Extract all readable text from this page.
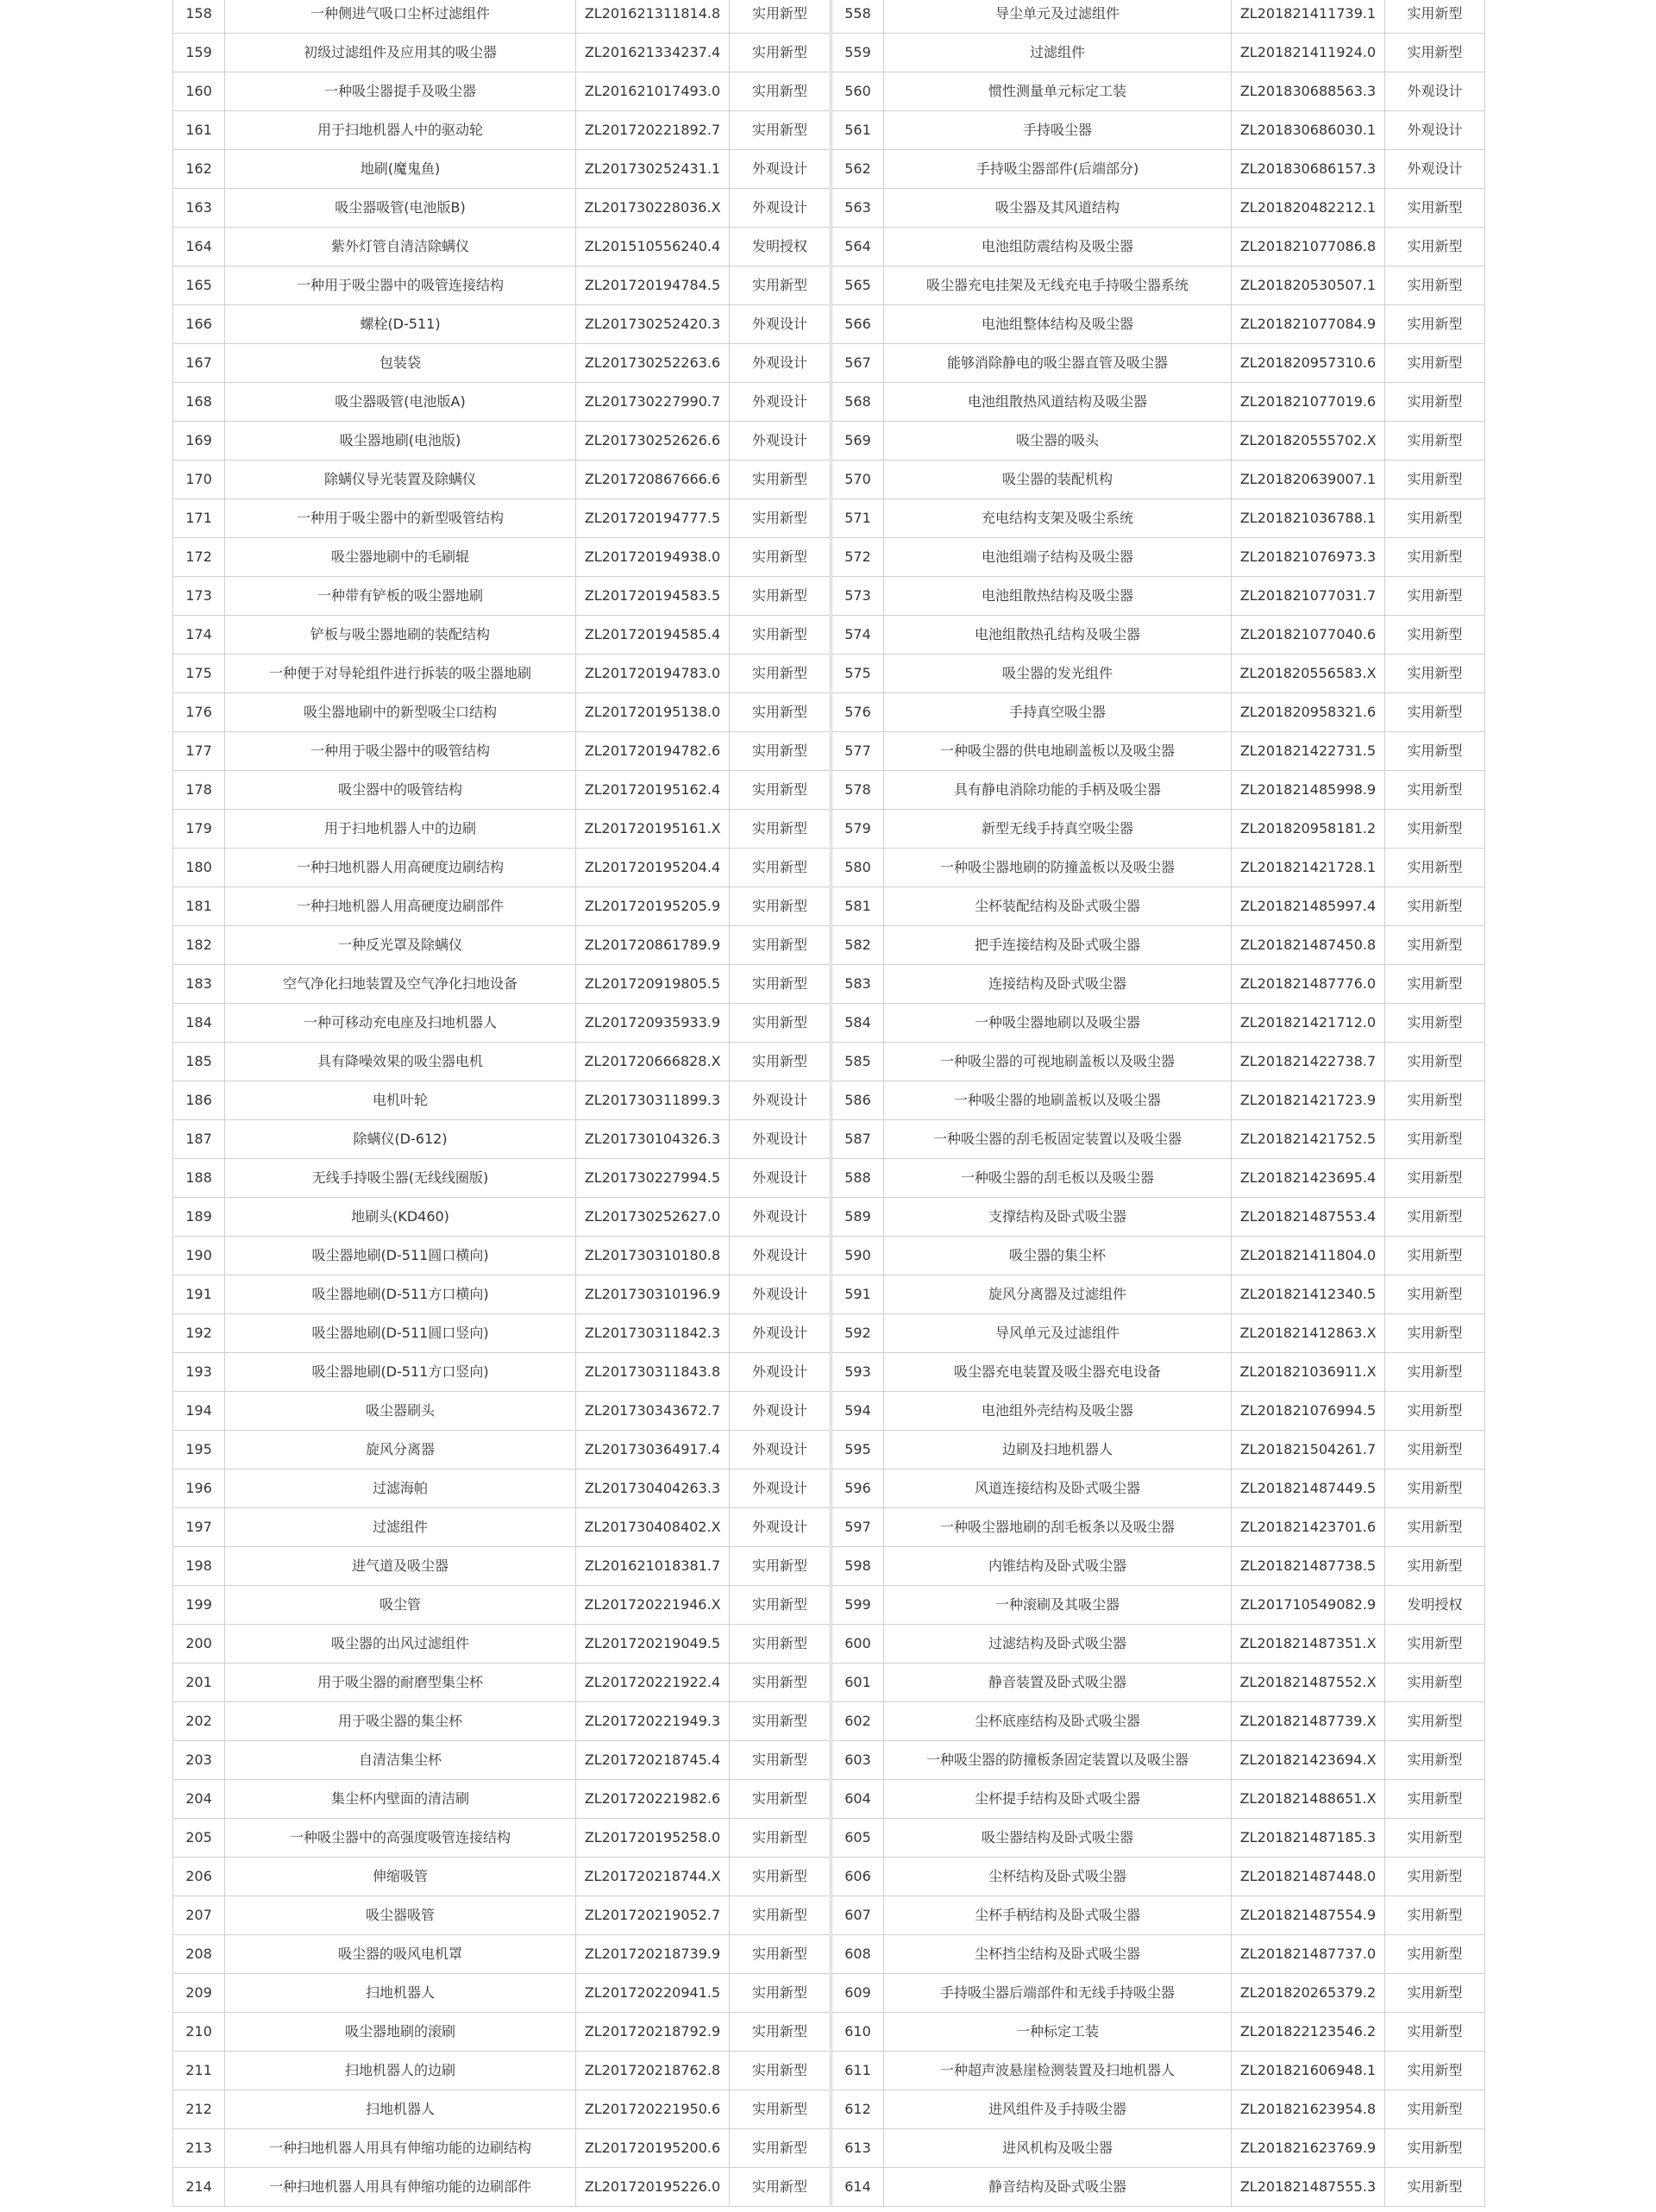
158	一种侧进气吸口尘杯过滤组件	ZL201621311814.8	实用新型
159	初级过滤组件及应用其的吸尘器	ZL201621334237.4	实用新型
160	一种吸尘器提手及吸尘器	ZL201621017493.0	实用新型
161	用于扫地机器人中的驱动轮	ZL201720221892.7	实用新型
162	地刷(魔鬼鱼)	ZL201730252431.1	外观设计
163	吸尘器吸管(电池版B)	ZL201730228036.X	外观设计
164	紫外灯管自清洁除螨仪	ZL201510556240.4	发明授权
165	一种用于吸尘器中的吸管连接结构	ZL201720194784.5	实用新型
166	螺栓(D-511)	ZL201730252420.3	外观设计
167	包装袋	ZL201730252263.6	外观设计
168	吸尘器吸管(电池版A)	ZL201730227990.7	外观设计
169	吸尘器地刷(电池版)	ZL201730252626.6	外观设计
170	除螨仪导光装置及除螨仪	ZL201720867666.6	实用新型
171	一种用于吸尘器中的新型吸管结构	ZL201720194777.5	实用新型
172	吸尘器地刷中的毛刷辊	ZL201720194938.0	实用新型
173	一种带有铲板的吸尘器地刷	ZL201720194583.5	实用新型
174	铲板与吸尘器地刷的装配结构	ZL201720194585.4	实用新型
175	一种便于对导轮组件进行拆装的吸尘器地刷	ZL201720194783.0	实用新型
176	吸尘器地刷中的新型吸尘口结构	ZL201720195138.0	实用新型
177	一种用于吸尘器中的吸管结构	ZL201720194782.6	实用新型
178	吸尘器中的吸管结构	ZL201720195162.4	实用新型
179	用于扫地机器人中的边刷	ZL201720195161.X	实用新型
180	一种扫地机器人用高硬度边刷结构	ZL201720195204.4	实用新型
181	一种扫地机器人用高硬度边刷部件	ZL201720195205.9	实用新型
182	一种反光罩及除螨仪	ZL201720861789.9	实用新型
183	空气净化扫地装置及空气净化扫地设备	ZL201720919805.5	实用新型
184	一种可移动充电座及扫地机器人	ZL201720935933.9	实用新型
185	具有降噪效果的吸尘器电机	ZL201720666828.X	实用新型
186	电机叶轮	ZL201730311899.3	外观设计
187	除螨仪(D-612)	ZL201730104326.3	外观设计
188	无线手持吸尘器(无线线圈版)	ZL201730227994.5	外观设计
189	地刷头(KD460)	ZL201730252627.0	外观设计
190	吸尘器地刷(D-511圆口横向)	ZL201730310180.8	外观设计
191	吸尘器地刷(D-511方口横向)	ZL201730310196.9	外观设计
192	吸尘器地刷(D-511圆口竖向)	ZL201730311842.3	外观设计
193	吸尘器地刷(D-511方口竖向)	ZL201730311843.8	外观设计
194	吸尘器刷头	ZL201730343672.7	外观设计
195	旋风分离器	ZL201730364917.4	外观设计
196	过滤海帕	ZL201730404263.3	外观设计
197	过滤组件	ZL201730408402.X	外观设计
198	进气道及吸尘器	ZL201621018381.7	实用新型
199	吸尘管	ZL201720221946.X	实用新型
200	吸尘器的出风过滤组件	ZL201720219049.5	实用新型
201	用于吸尘器的耐磨型集尘杯	ZL201720221922.4	实用新型
202	用于吸尘器的集尘杯	ZL201720221949.3	实用新型
203	自清洁集尘杯	ZL201720218745.4	实用新型
204	集尘杯内壁面的清洁刷	ZL201720221982.6	实用新型
205	一种吸尘器中的高强度吸管连接结构	ZL201720195258.0	实用新型
206	伸缩吸管	ZL201720218744.X	实用新型
207	吸尘器吸管	ZL201720219052.7	实用新型
208	吸尘器的吸风电机罩	ZL201720218739.9	实用新型
209	扫地机器人	ZL201720220941.5	实用新型
210	吸尘器地刷的滚刷	ZL201720218792.9	实用新型
211	扫地机器人的边刷	ZL201720218762.8	实用新型
212	扫地机器人	ZL201720221950.6	实用新型
213	一种扫地机器人用具有伸缩功能的边刷结构	ZL201720195200.6	实用新型
214	一种扫地机器人用具有伸缩功能的边刷部件	ZL201720195226.0	实用新型
558	导尘单元及过滤组件	ZL201821411739.1	实用新型
559	过滤组件	ZL201821411924.0	实用新型
560	惯性测量单元标定工装	ZL201830688563.3	外观设计
561	手持吸尘器	ZL201830686030.1	外观设计
562	手持吸尘器部件(后端部分)	ZL201830686157.3	外观设计
563	吸尘器及其风道结构	ZL201820482212.1	实用新型
564	电池组防震结构及吸尘器	ZL201821077086.8	实用新型
565	吸尘器充电挂架及无线充电手持吸尘器系统	ZL201820530507.1	实用新型
566	电池组整体结构及吸尘器	ZL201821077084.9	实用新型
567	能够消除静电的吸尘器直管及吸尘器	ZL201820957310.6	实用新型
568	电池组散热风道结构及吸尘器	ZL201821077019.6	实用新型
569	吸尘器的吸头	ZL201820555702.X	实用新型
570	吸尘器的装配机构	ZL201820639007.1	实用新型
571	充电结构支架及吸尘系统	ZL201821036788.1	实用新型
572	电池组端子结构及吸尘器	ZL201821076973.3	实用新型
573	电池组散热结构及吸尘器	ZL201821077031.7	实用新型
574	电池组散热孔结构及吸尘器	ZL201821077040.6	实用新型
575	吸尘器的发光组件	ZL201820556583.X	实用新型
576	手持真空吸尘器	ZL201820958321.6	实用新型
577	一种吸尘器的供电地刷盖板以及吸尘器	ZL201821422731.5	实用新型
578	具有静电消除功能的手柄及吸尘器	ZL201821485998.9	实用新型
579	新型无线手持真空吸尘器	ZL201820958181.2	实用新型
580	一种吸尘器地刷的防撞盖板以及吸尘器	ZL201821421728.1	实用新型
581	尘杯装配结构及卧式吸尘器	ZL201821485997.4	实用新型
582	把手连接结构及卧式吸尘器	ZL201821487450.8	实用新型
583	连接结构及卧式吸尘器	ZL201821487776.0	实用新型
584	一种吸尘器地刷以及吸尘器	ZL201821421712.0	实用新型
585	一种吸尘器的可视地刷盖板以及吸尘器	ZL201821422738.7	实用新型
586	一种吸尘器的地刷盖板以及吸尘器	ZL201821421723.9	实用新型
587	一种吸尘器的刮毛板固定装置以及吸尘器	ZL201821421752.5	实用新型
588	一种吸尘器的刮毛板以及吸尘器	ZL201821423695.4	实用新型
589	支撑结构及卧式吸尘器	ZL201821487553.4	实用新型
590	吸尘器的集尘杯	ZL201821411804.0	实用新型
591	旋风分离器及过滤组件	ZL201821412340.5	实用新型
592	导风单元及过滤组件	ZL201821412863.X	实用新型
593	吸尘器充电装置及吸尘器充电设备	ZL201821036911.X	实用新型
594	电池组外壳结构及吸尘器	ZL201821076994.5	实用新型
595	边刷及扫地机器人	ZL201821504261.7	实用新型
596	风道连接结构及卧式吸尘器	ZL201821487449.5	实用新型
597	一种吸尘器地刷的刮毛板条以及吸尘器	ZL201821423701.6	实用新型
598	内锥结构及卧式吸尘器	ZL201821487738.5	实用新型
599	一种滚刷及其吸尘器	ZL201710549082.9	发明授权
600	过滤结构及卧式吸尘器	ZL201821487351.X	实用新型
601	静音装置及卧式吸尘器	ZL201821487552.X	实用新型
602	尘杯底座结构及卧式吸尘器	ZL201821487739.X	实用新型
603	一种吸尘器的防撞板条固定装置以及吸尘器	ZL201821423694.X	实用新型
604	尘杯提手结构及卧式吸尘器	ZL201821488651.X	实用新型
605	吸尘器结构及卧式吸尘器	ZL201821487185.3	实用新型
606	尘杯结构及卧式吸尘器	ZL201821487448.0	实用新型
607	尘杯手柄结构及卧式吸尘器	ZL201821487554.9	实用新型
608	尘杯挡尘结构及卧式吸尘器	ZL201821487737.0	实用新型
609	手持吸尘器后端部件和无线手持吸尘器	ZL201820265379.2	实用新型
610	一种标定工装	ZL201822123546.2	实用新型
611	一种超声波悬崖检测装置及扫地机器人	ZL201821606948.1	实用新型
612	进风组件及手持吸尘器	ZL201821623954.8	实用新型
613	进风机构及吸尘器	ZL201821623769.9	实用新型
614	静音结构及卧式吸尘器	ZL201821487555.3	实用新型
